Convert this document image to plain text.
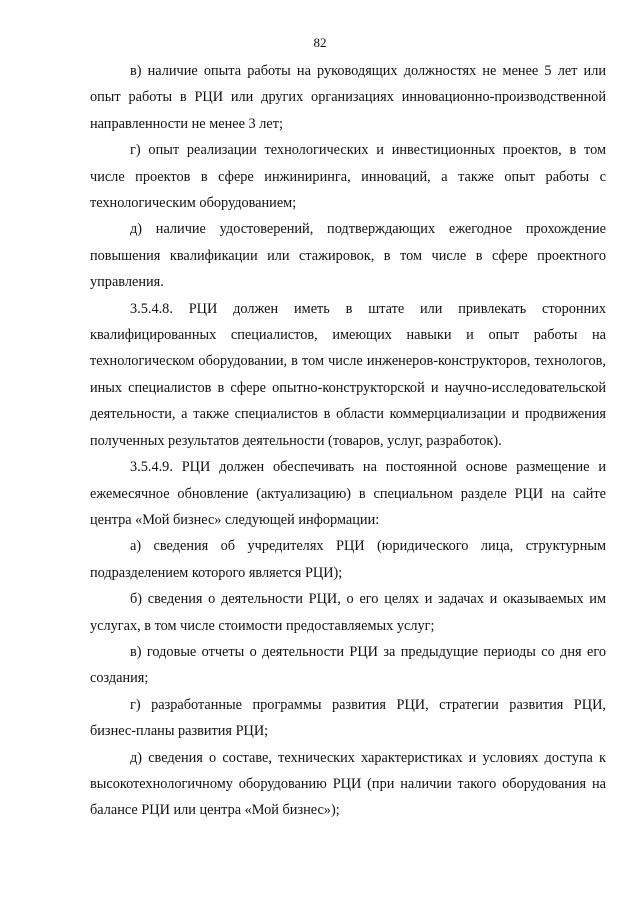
82

в) наличие опыта работы на руководящих должностях не менее 5 лет или опыт работы в РЦИ или других организациях инновационно-производственной направленности не менее 3 лет;

г) опыт реализации технологических и инвестиционных проектов, в том числе проектов в сфере инжиниринга, инноваций, а также опыт работы с технологическим оборудованием;

д) наличие удостоверений, подтверждающих ежегодное прохождение повышения квалификации или стажировок, в том числе в сфере проектного управления.

3.5.4.8. РЦИ должен иметь в штате или привлекать сторонних квалифицированных специалистов, имеющих навыки и опыт работы на технологическом оборудовании, в том числе инженеров-конструкторов, технологов, иных специалистов в сфере опытно-конструкторской и научно-исследовательской деятельности, а также специалистов в области коммерциализации и продвижения полученных результатов деятельности (товаров, услуг, разработок).

3.5.4.9. РЦИ должен обеспечивать на постоянной основе размещение и ежемесячное обновление (актуализацию) в специальном разделе РЦИ на сайте центра «Мой бизнес» следующей информации:

а) сведения об учредителях РЦИ (юридического лица, структурным подразделением которого является РЦИ);

б) сведения о деятельности РЦИ, о его целях и задачах и оказываемых им услугах, в том числе стоимости предоставляемых услуг;

в) годовые отчеты о деятельности РЦИ за предыдущие периоды со дня его создания;

г) разработанные программы развития РЦИ, стратегии развития РЦИ, бизнес-планы развития РЦИ;

д) сведения о составе, технических характеристиках и условиях доступа к высокотехнологичному оборудованию РЦИ (при наличии такого оборудования на балансе РЦИ или центра «Мой бизнес»);
